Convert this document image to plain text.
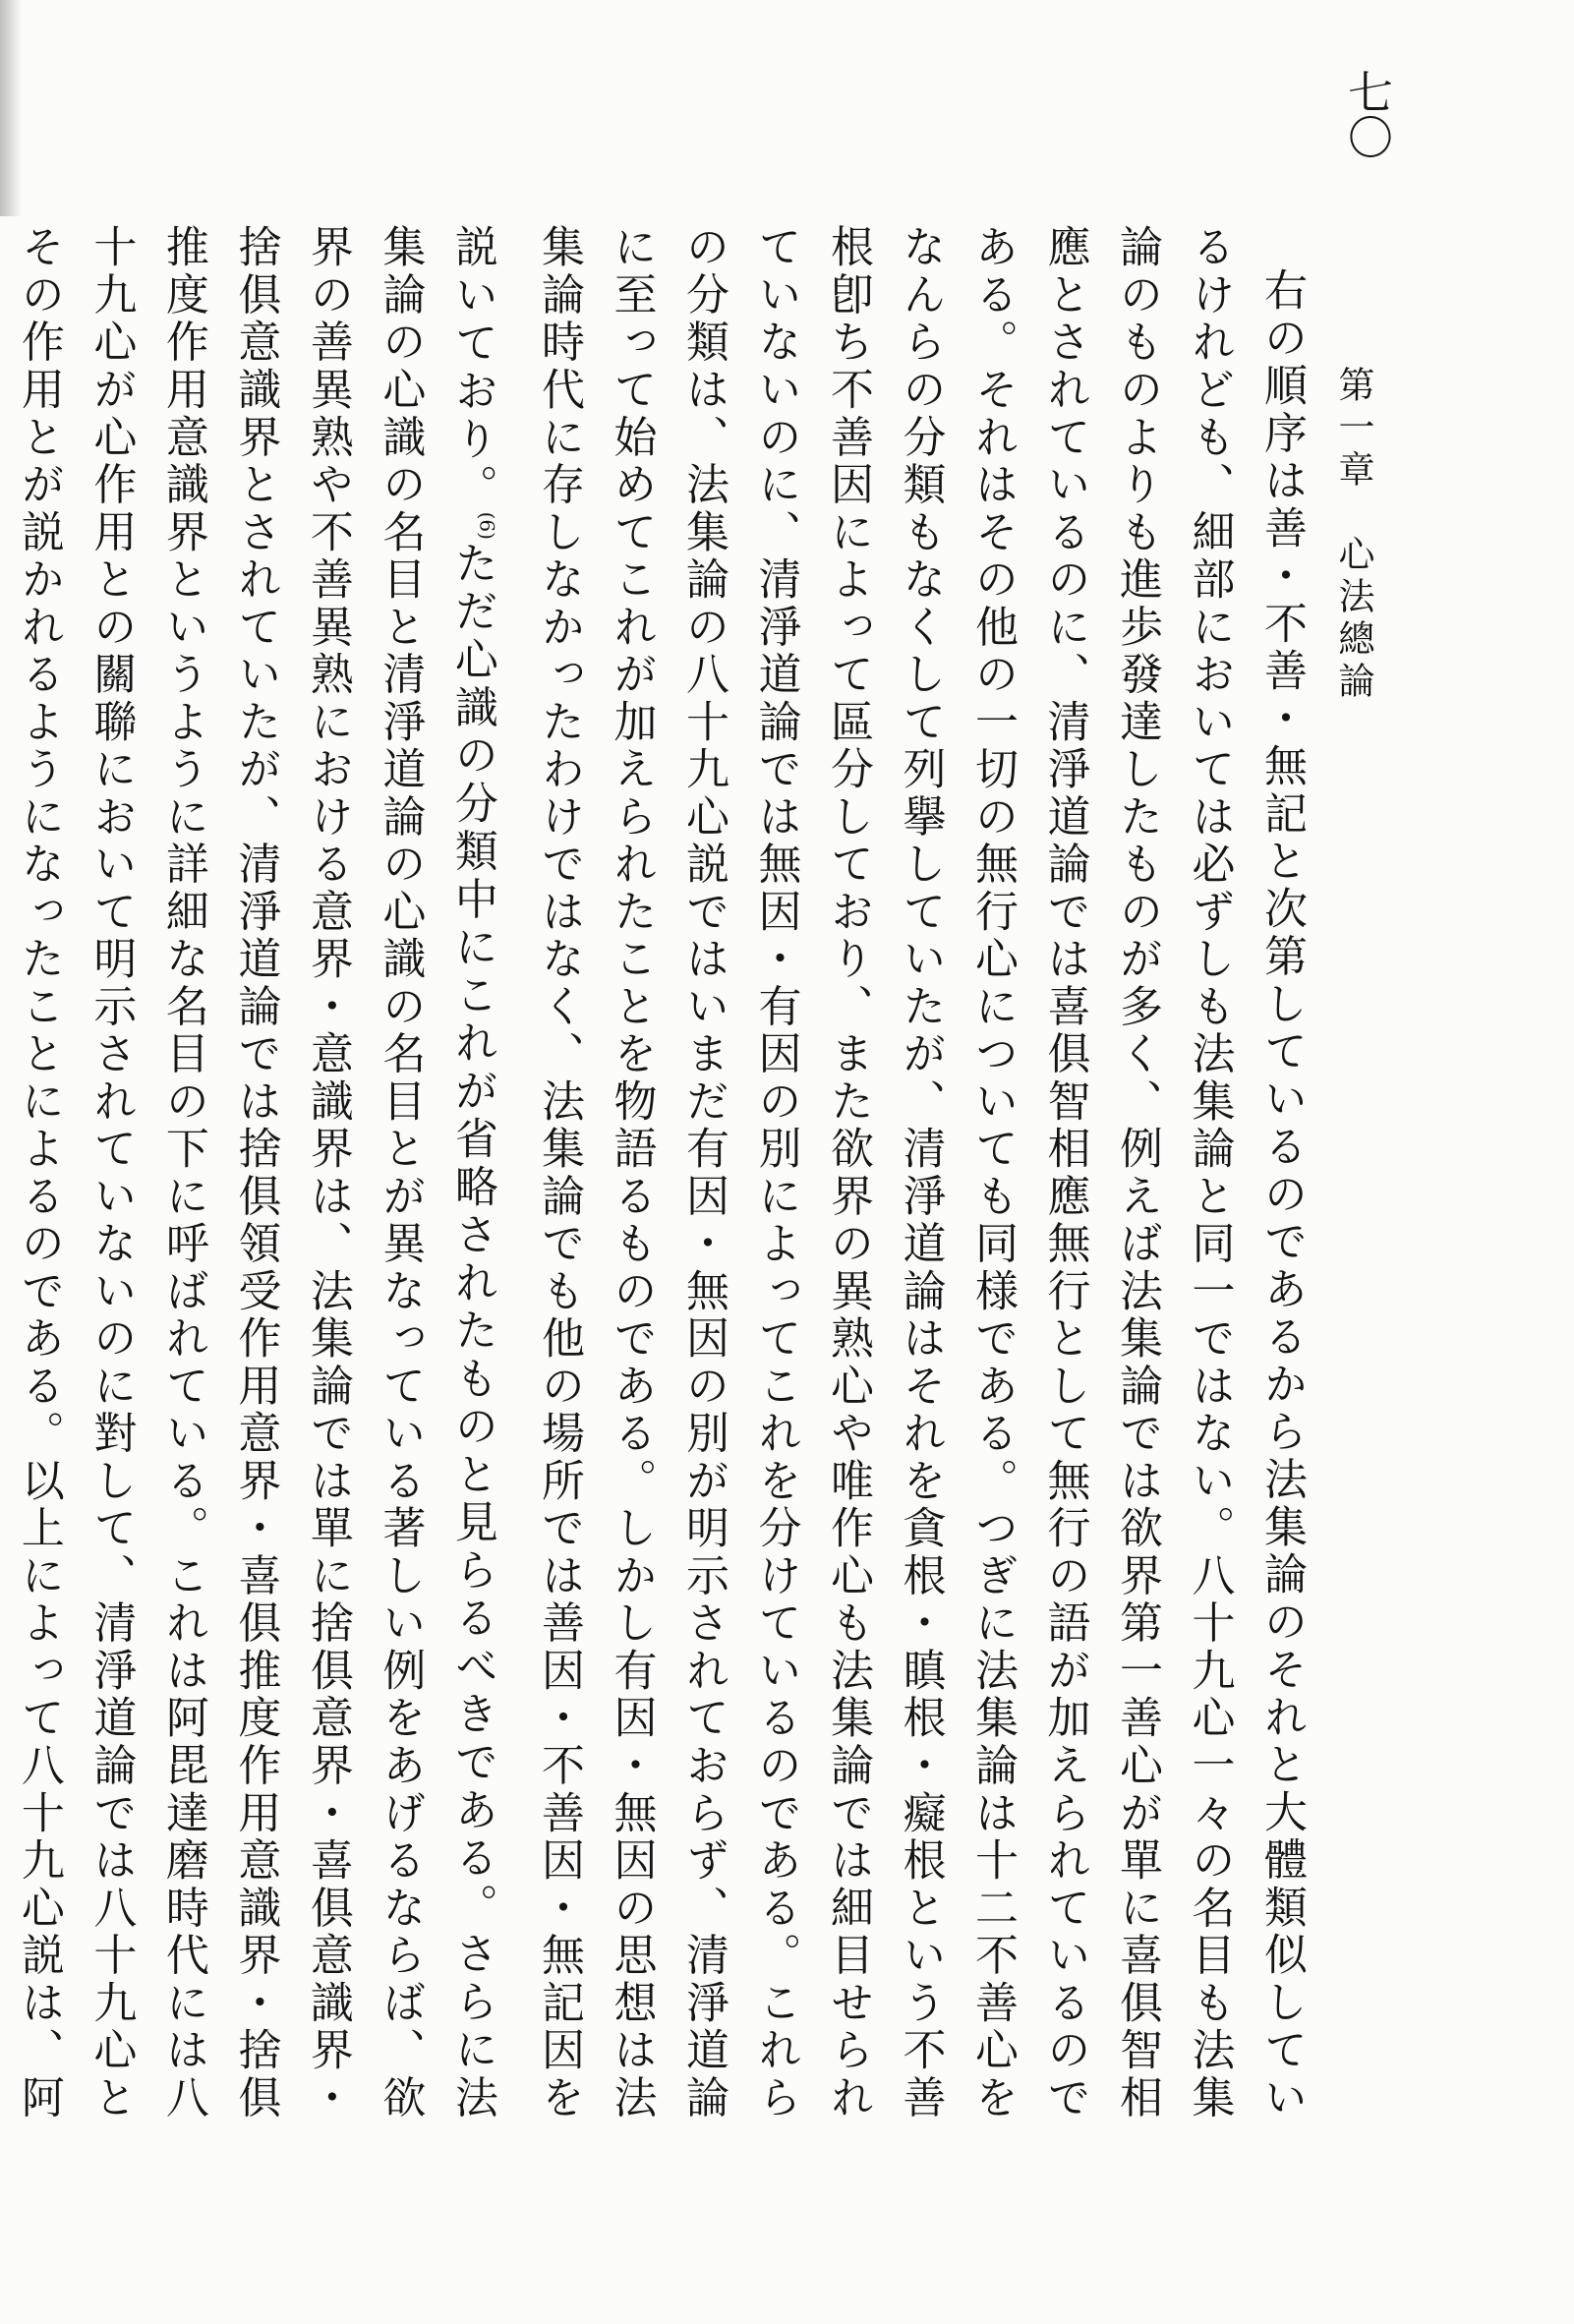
七〇
第一章　心法總論

右の順序は善・不善・無記と次第しているのであるから法集論のそれと大體類似しているけれども、細部においては必ずしも法集論と同一ではない。八十九心一々の名目も法集論のものよりも進歩發達したものが多く、例えば法集論では欲界第一善心が單に喜俱智相應とされているのに、清淨道論では喜俱智相應無行として無行の語が加えられているのである。それはその他の一切の無行心についても同様である。つぎに法集論は十二不善心をなんらの分類もなくして列擧していたが、清淨道論はそれを貪根・瞋根・癡根という不善根卽ち不善因によって區分しており、また欲界の異熟心や唯作心も法集論では細目せられていないのに、清淨道論では無因・有因の別によってこれを分けているのである。これらの分類は、法集論の八十九心説ではいまだ有因・無因の別が明示されておらず、清淨道論に至って始めてこれが加えられたことを物語るものである。しかし有因・無因の思想は法集論時代に存しなかったわけではなく、法集論でも他の場所では善因・不善因・無記因を説いており。$^{(6)}$ただ心識の分類中にこれが省略されたものと見らるべきである。さらに法集論の心識の名目と清淨道論の心識の名目とが異なっている著しい例をあげるならば、欲界の善異熟や不善異熟における意界・意識界は、法集論では單に捨俱意界・喜俱意識界・捨俱意識界とされていたが、清淨道論では捨俱領受作用意界・喜俱推度作用意識界・捨俱推度作用意識界というように詳細な名目の下に呼ばれている。これは阿毘達磨時代には八十九心が心作用との關聯において明示されていないのに對して、清淨道論では八十九心とその作用とが説かれるようになったことによるのである。以上によって八十九心説は、阿
